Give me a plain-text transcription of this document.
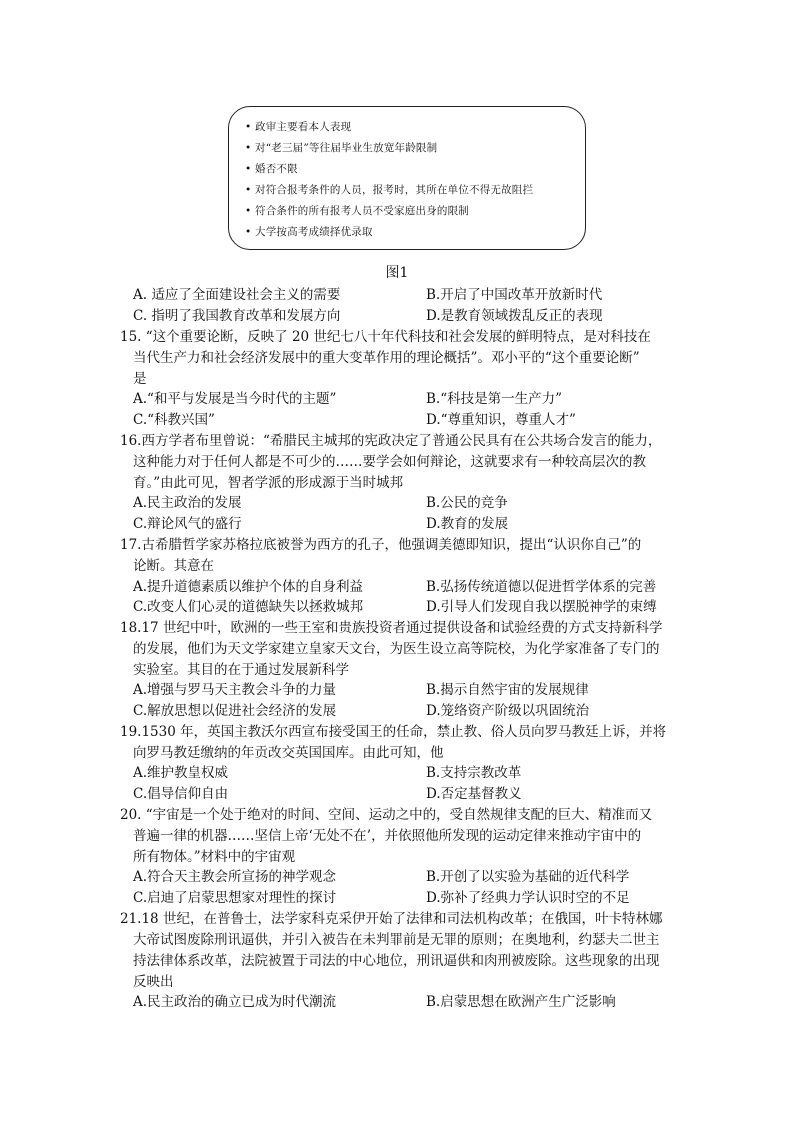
• 政审主要看本人表现
• 对“老三届”等往届毕业生放宽年龄限制
• 婚否不限
• 对符合报考条件的人员，报考时，其所在单位不得无故阻拦
• 符合条件的所有报考人员不受家庭出身的限制
• 大学按高考成绩择优录取
图1
A. 适应了全面建设社会主义的需要	B.开启了中国改革开放新时代
C. 指明了我国教育改革和发展方向	D.是教育领域拨乱反正的表现
15. “这个重要论断，反映了 20 世纪七八十年代科技和社会发展的鲜明特点，是对科技在
当代生产力和社会经济发展中的重大变革作用的理论概括”。邓小平的“这个重要论断”
是
A.“和平与发展是当今时代的主题”	B.“科技是第一生产力”
C.“科教兴国”	D.“尊重知识，尊重人才”
16.西方学者布里曾说：“希腊民主城邦的宪政决定了普通公民具有在公共场合发言的能力，
这种能力对于任何人都是不可少的……要学会如何辩论，这就要求有一种较高层次的教
育。”由此可见，智者学派的形成源于当时城邦
A.民主政治的发展	B.公民的竞争
C.辩论风气的盛行	D.教育的发展
17.古希腊哲学家苏格拉底被誉为西方的孔子，他强调美德即知识，提出“认识你自己”的
论断。其意在
A.提升道德素质以维护个体的自身利益	B.弘扬传统道德以促进哲学体系的完善
C.改变人们心灵的道德缺失以拯救城邦	D.引导人们发现自我以摆脱神学的束缚
18.17 世纪中叶，欧洲的一些王室和贵族投资者通过提供设备和试验经费的方式支持新科学
的发展，他们为天文学家建立皇家天文台，为医生设立高等院校，为化学家准备了专门的
实验室。其目的在于通过发展新科学
A.增强与罗马天主教会斗争的力量	B.揭示自然宇宙的发展规律
C.解放思想以促进社会经济的发展	D.笼络资产阶级以巩固统治
19.1530 年，英国主教沃尔西宣布接受国王的任命，禁止教、俗人员向罗马教廷上诉，并将
向罗马教廷缴纳的年贡改交英国国库。由此可知，他
A.维护教皇权威	B.支持宗教改革
C.倡导信仰自由	D.否定基督教义
20. “宇宙是一个处于绝对的时间、空间、运动之中的，受自然规律支配的巨大、精准而又
普遍一律的机器……坚信上帝‘无处不在’，并依照他所发现的运动定律来推动宇宙中的
所有物体。”材料中的宇宙观
A.符合天主教会所宣扬的神学观念	B.开创了以实验为基础的近代科学
C.启迪了启蒙思想家对理性的探讨	D.弥补了经典力学认识时空的不足
21.18 世纪，在普鲁士，法学家科克采伊开始了法律和司法机构改革；在俄国，叶卡特林娜
大帝试图废除刑讯逼供，并引入被告在未判罪前是无罪的原则；在奥地利，约瑟夫二世主
持法律体系改革，法院被置于司法的中心地位，刑讯逼供和肉刑被废除。这些现象的出现
反映出
A.民主政治的确立已成为时代潮流	B.启蒙思想在欧洲产生广泛影响
